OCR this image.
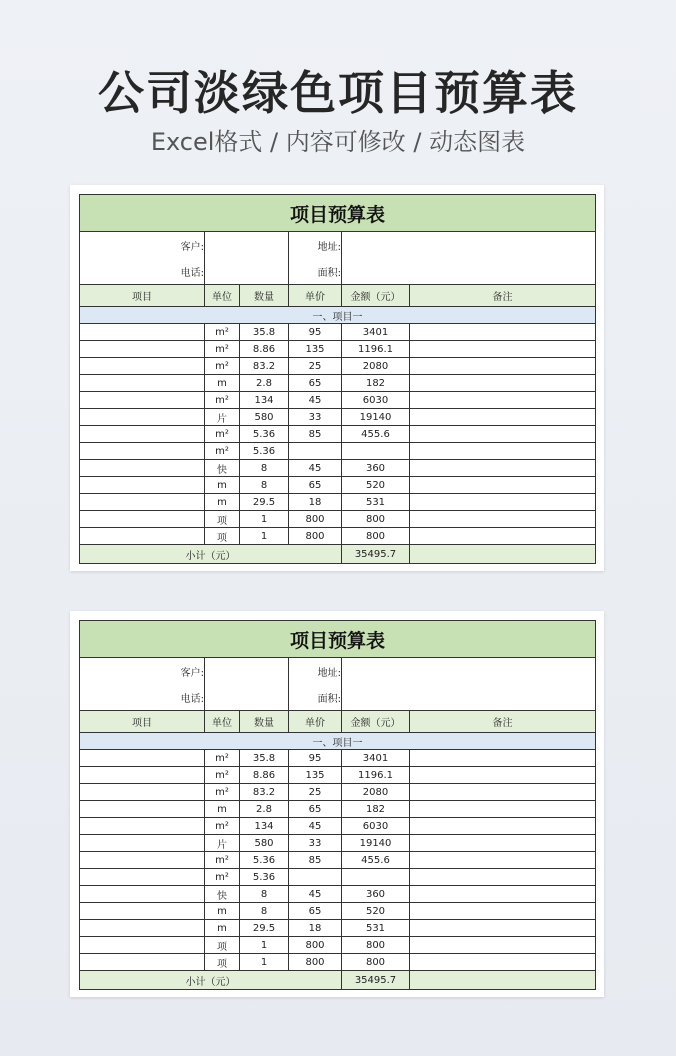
公司淡绿色项目预算表
Excel格式 / 内容可修改 / 动态图表
项目预算表					
客户:			地址:		
电话:			面积:		
项目	单位	数量	单价	金额（元）	备注
一、项目一					
	m²	35.8	95	3401	
	m²	8.86	135	1196.1	
	m²	83.2	25	2080	
	m	2.8	65	182	
	m²	134	45	6030	
	片	580	33	19140	
	m²	5.36	85	455.6	
	m²	5.36			
	快	8	45	360	
	m	8	65	520	
	m	29.5	18	531	
	项	1	800	800	
	项	1	800	800	
小计（元）				35495.7	
项目预算表					
客户:			地址:		
电话:			面积:		
项目	单位	数量	单价	金额（元）	备注
一、项目一					
	m²	35.8	95	3401	
	m²	8.86	135	1196.1	
	m²	83.2	25	2080	
	m	2.8	65	182	
	m²	134	45	6030	
	片	580	33	19140	
	m²	5.36	85	455.6	
	m²	5.36			
	快	8	45	360	
	m	8	65	520	
	m	29.5	18	531	
	项	1	800	800	
	项	1	800	800	
小计（元）				35495.7	
